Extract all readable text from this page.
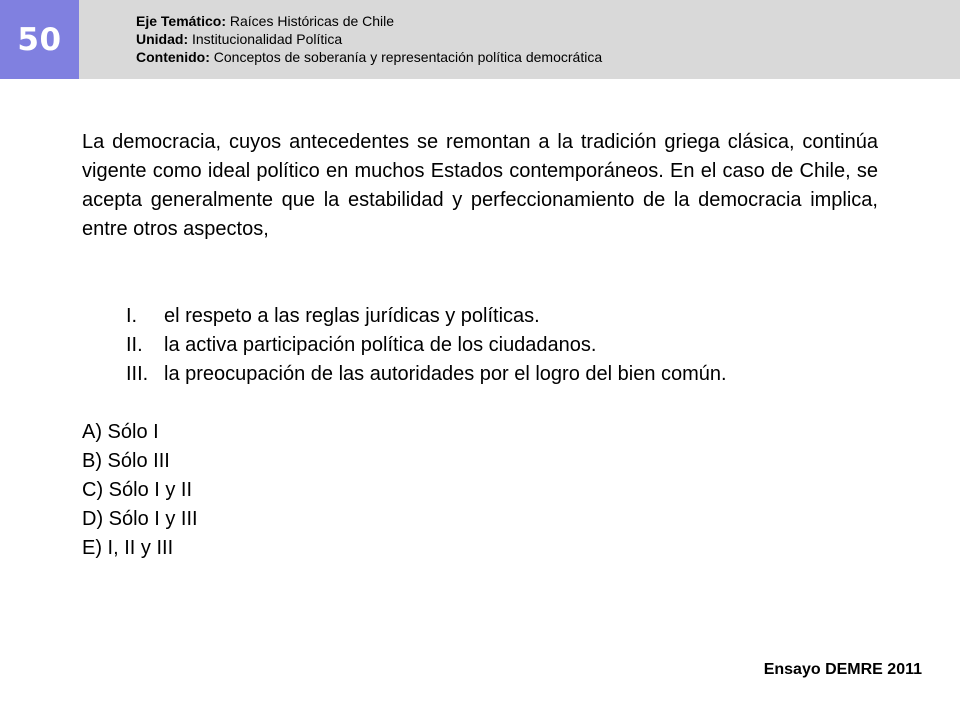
50
Eje Temático: Raíces Históricas de Chile
Unidad: Institucionalidad Política
Contenido: Conceptos de soberanía y representación política democrática
La democracia, cuyos antecedentes se remontan a la tradición griega clásica, continúa vigente como ideal político en muchos Estados contemporáneos. En el caso de Chile, se acepta generalmente que la estabilidad y perfeccionamiento de la democracia implica, entre otros aspectos,
I. el respeto a las reglas jurídicas y políticas.
II. la activa participación política de los ciudadanos.
III. la preocupación de las autoridades por el logro del bien común.
A) Sólo I
B) Sólo III
C) Sólo I y II
D) Sólo I y III
E) I, II y III
Ensayo DEMRE 2011
